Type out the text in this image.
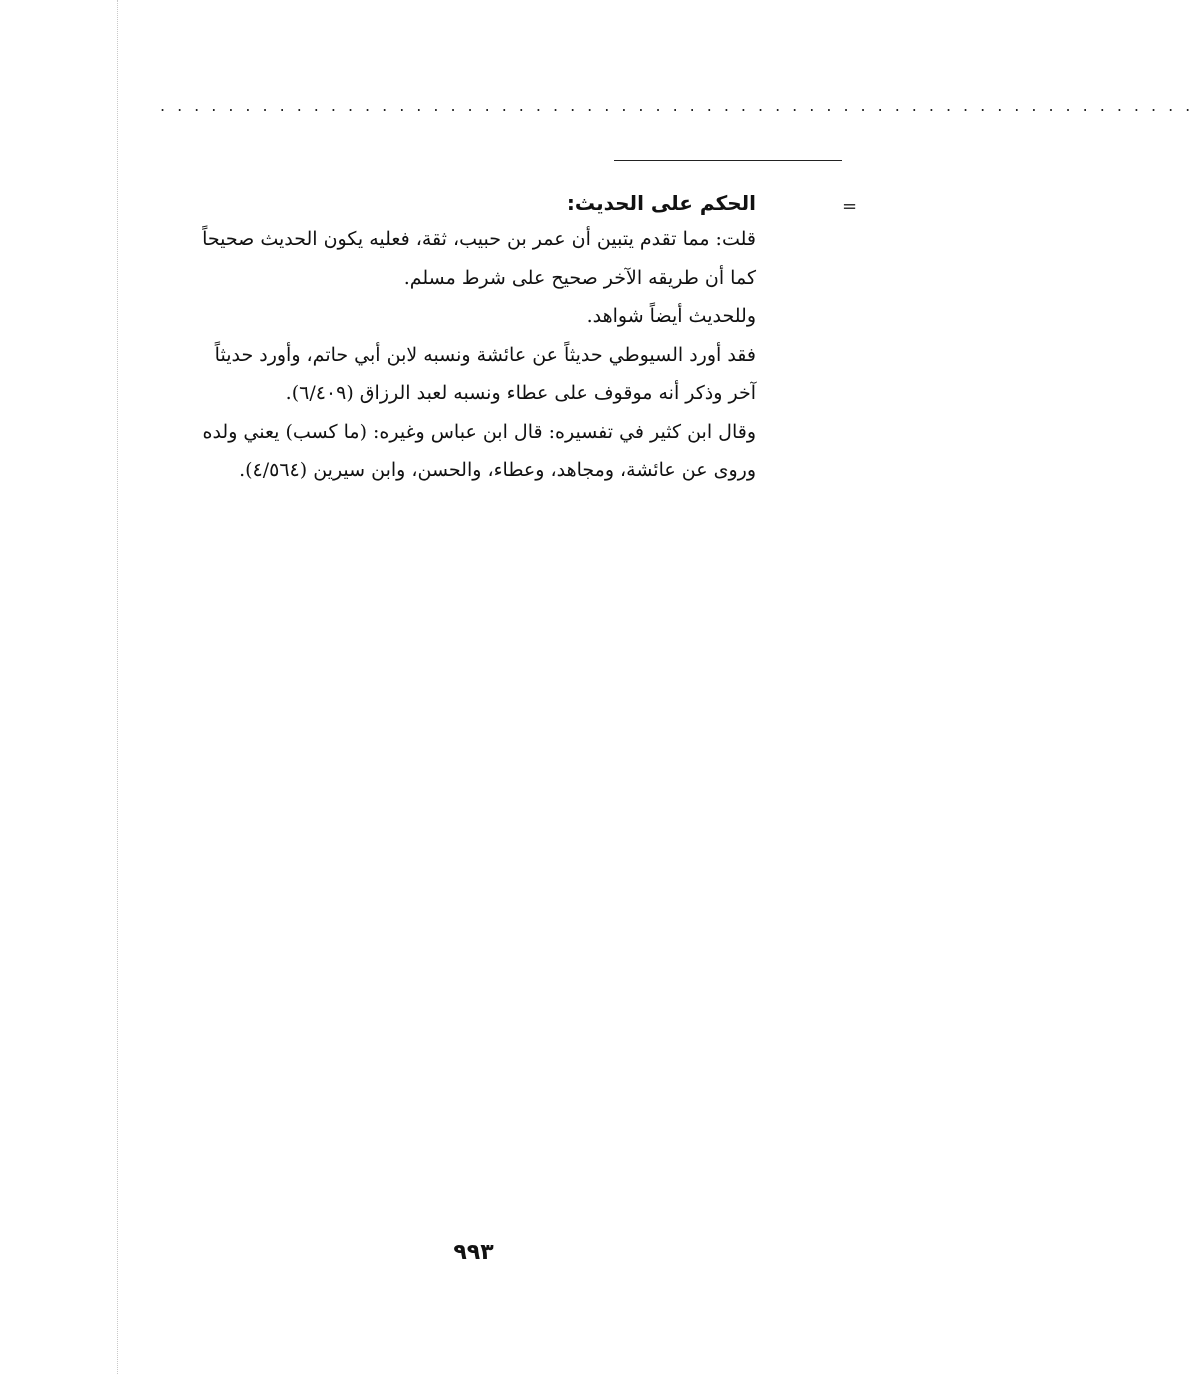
.............................................................
=

الحكم على الحديث:

قلت: مما تقدم يتبين أن عمر بن حبيب، ثقة، فعليه يكون الحديث صحيحاً

كما أن طريقه الآخر صحيح على شرط مسلم.

وللحديث أيضاً شواهد.

فقد أورد السيوطي حديثاً عن عائشة ونسبه لابن أبي حاتم، وأورد حديثاً

آخر وذكر أنه موقوف على عطاء ونسبه لعبد الرزاق (٦/٤٠٩).

وقال ابن كثير في تفسيره: قال ابن عباس وغيره: (ما كسب) يعني ولده

وروى عن عائشة، ومجاهد، وعطاء، والحسن، وابن سيرين (٤/٥٦٤).

٩٩٣
